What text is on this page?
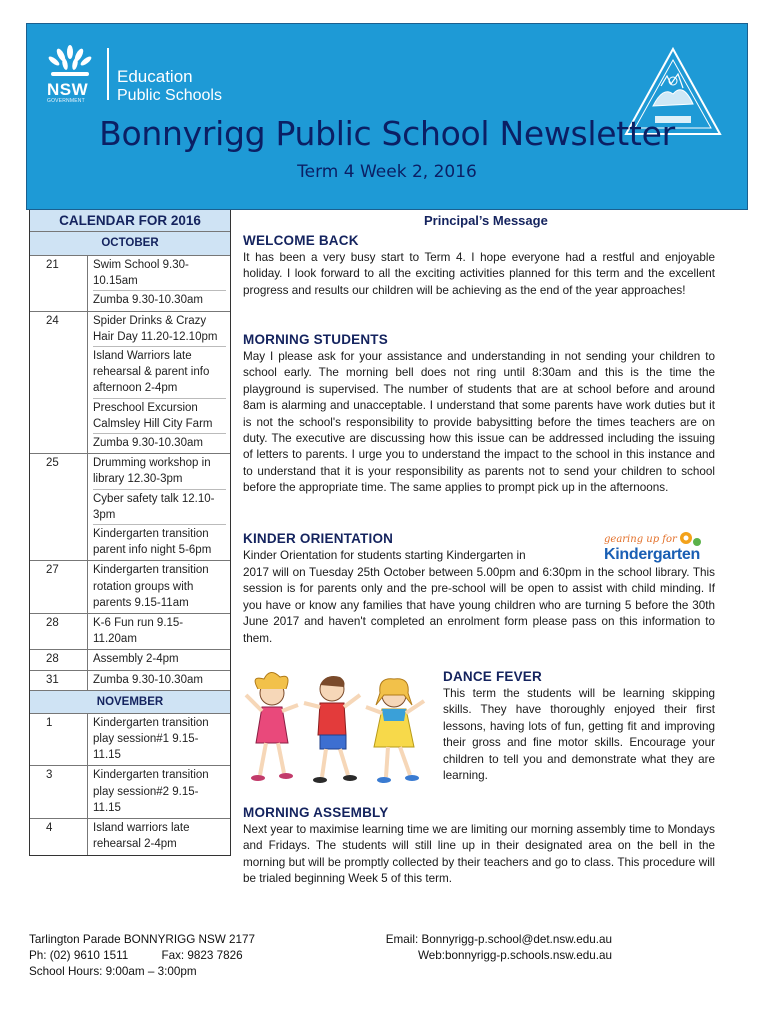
NSW
GOVERNMENT
Education
Public Schools
Bonnyrigg Public School Newsletter
Term 4 Week 2, 2016
CALENDAR FOR 2016
OCTOBER
21	Swim School 9.30-10.15am
Zumba 9.30-10.30am
24	Spider Drinks & Crazy Hair Day 11.20-12.10pm
Island Warriors late rehearsal & parent info afternoon 2-4pm
Preschool Excursion Calmsley Hill City Farm
Zumba 9.30-10.30am
25	Drumming workshop in library 12.30-3pm
Cyber safety talk 12.10-3pm
Kindergarten transition parent info night 5-6pm
27	Kindergarten transition rotation groups with parents 9.15-11am
28	K-6 Fun run 9.15-11.20am
28	Assembly 2-4pm
31	Zumba 9.30-10.30am
NOVEMBER
1	Kindergarten transition play session#1 9.15-11.15
3	Kindergarten transition play session#2 9.15-11.15
4	Island warriors late rehearsal 2-4pm
Principal’s Message
WELCOME BACK
It has been a very busy start to Term 4. I hope everyone had a restful and enjoyable holiday. I look forward to all the exciting activities planned for this term and the excellent progress and results our children will be achieving as the end of the year approaches!
MORNING STUDENTS
May I please ask for your assistance and understanding in not sending your children to school early. The morning bell does not ring until 8:30am and this is the time the playground is supervised. The number of students that are at school before and around 8am is alarming and unacceptable. I understand that some parents have work duties but it is not the school's responsibility to provide babysitting before the times teachers are on duty. The executive are discussing how this issue can be addressed including the issuing of letters to parents. I urge you to understand the impact to the school in this instance and to understand that it is your responsibility as parents not to send your children to school before the appropriate time. The same applies to prompt pick up in the afternoons.
KINDER ORIENTATION
Kinder Orientation for students starting Kindergarten in
2017 will on Tuesday 25th October between 5.00pm and 6:30pm in the school library. This session is for parents only and the pre-school will be open to assist with child minding. If you have or know any families that have young children who are turning 5 before the 30th June 2017 and haven't completed an enrolment form please pass on this information to them.
gearing up for
Kindergarten
DANCE FEVER
This term the students will be learning skipping skills. They have thoroughly enjoyed their first lessons, having lots of fun, getting fit and improving their gross and fine motor skills. Encourage your children to tell you and demonstrate what they are learning.
MORNING ASSEMBLY
Next year to maximise learning time we are limiting our morning assembly time to Mondays and Fridays. The students will still line up in their designated area on the bell in the morning but will be promptly collected by their teachers and go to class. This procedure will be trialed beginning Week 5 of this term.
Tarlington Parade BONNYRIGG NSW 2177
Ph: (02) 9610 1511	Fax: 9823 7826
School Hours: 9:00am – 3:00pm
Email: Bonnyrigg-p.school@det.nsw.edu.au
Web:bonnyrigg-p.schools.nsw.edu.au
